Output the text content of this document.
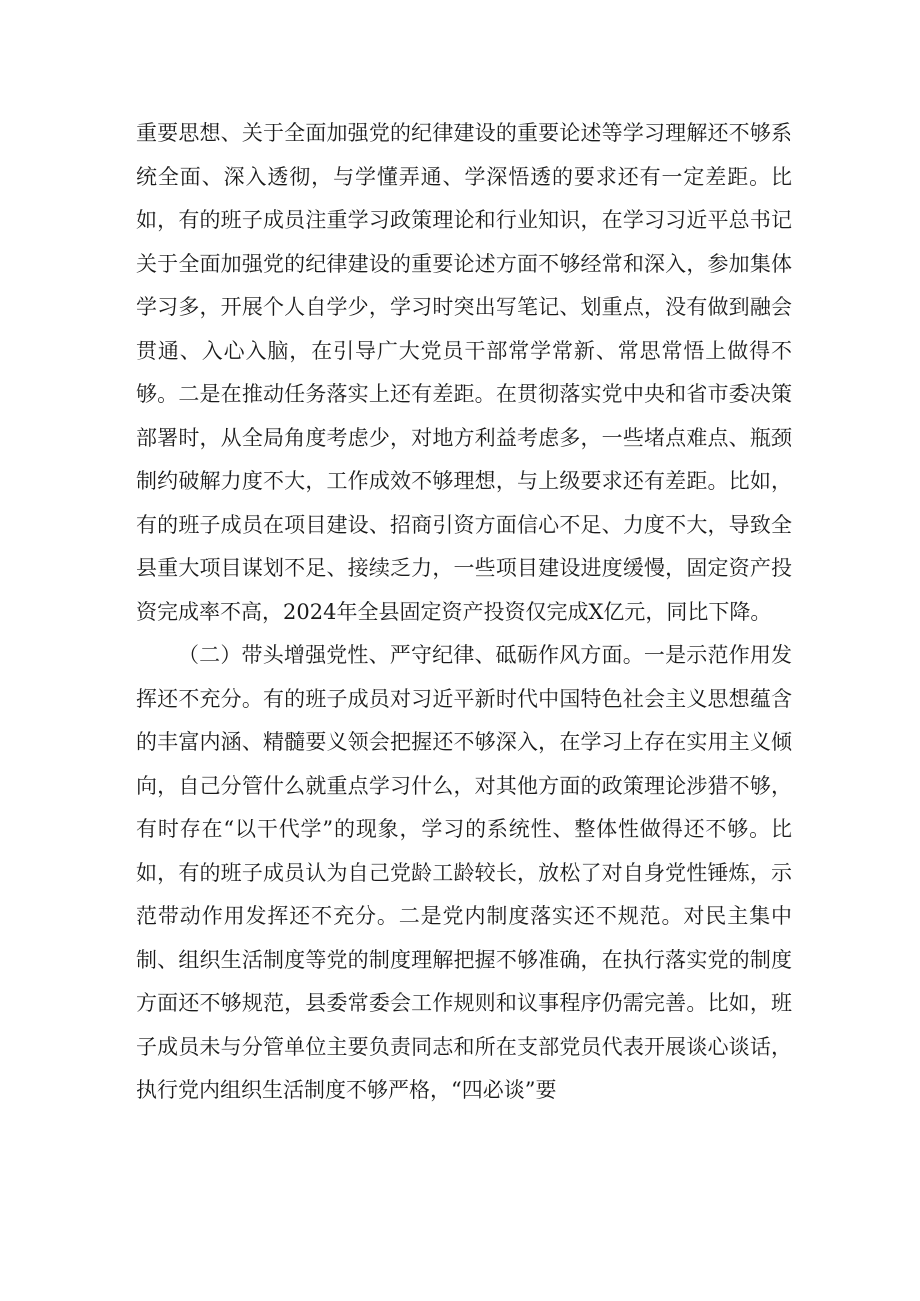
重要思想、关于全面加强党的纪律建设的重要论述等学习理解还不够系统全面、深入透彻，与学懂弄通、学深悟透的要求还有一定差距。比如，有的班子成员注重学习政策理论和行业知识，在学习习近平总书记关于全面加强党的纪律建设的重要论述方面不够经常和深入，参加集体学习多，开展个人自学少，学习时突出写笔记、划重点，没有做到融会贯通、入心入脑，在引导广大党员干部常学常新、常思常悟上做得不够。二是在推动任务落实上还有差距。在贯彻落实党中央和省市委决策部署时，从全局角度考虑少，对地方利益考虑多，一些堵点难点、瓶颈制约破解力度不大，工作成效不够理想，与上级要求还有差距。比如，有的班子成员在项目建设、招商引资方面信心不足、力度不大，导致全县重大项目谋划不足、接续乏力，一些项目建设进度缓慢，固定资产投资完成率不高，2024年全县固定资产投资仅完成X亿元，同比下降。

（二）带头增强党性、严守纪律、砥砺作风方面。一是示范作用发挥还不充分。有的班子成员对习近平新时代中国特色社会主义思想蕴含的丰富内涵、精髓要义领会把握还不够深入，在学习上存在实用主义倾向，自己分管什么就重点学习什么，对其他方面的政策理论涉猎不够，有时存在“以干代学”的现象，学习的系统性、整体性做得还不够。比如，有的班子成员认为自己党龄工龄较长，放松了对自身党性锤炼，示范带动作用发挥还不充分。二是党内制度落实还不规范。对民主集中制、组织生活制度等党的制度理解把握不够准确，在执行落实党的制度方面还不够规范，县委常委会工作规则和议事程序仍需完善。比如，班子成员未与分管单位主要负责同志和所在支部党员代表开展谈心谈话，执行党内组织生活制度不够严格，“四必谈”要
